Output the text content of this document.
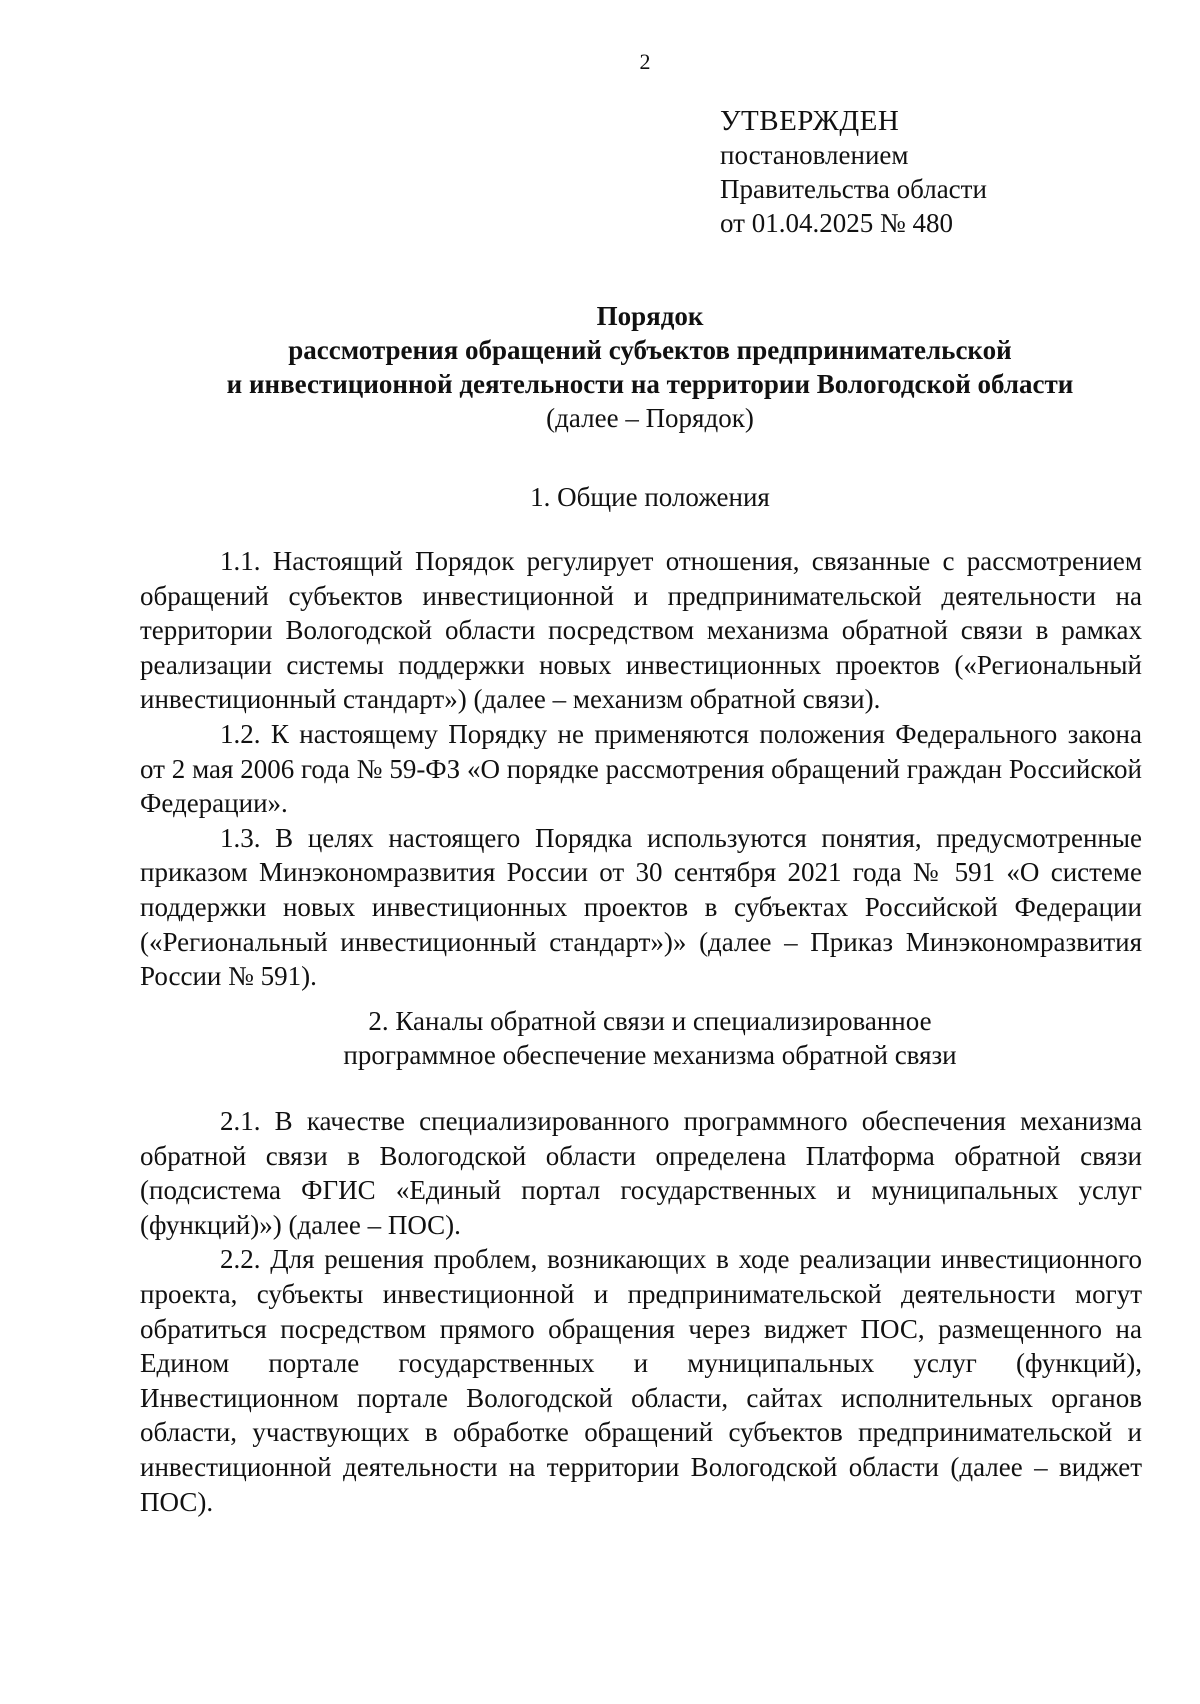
2
УТВЕРЖДЕН
постановлением
Правительства области
от 01.04.2025 № 480
Порядок
рассмотрения обращений субъектов предпринимательской
и инвестиционной деятельности на территории Вологодской области
(далее – Порядок)
1. Общие положения

1.1. Настоящий Порядок регулирует отношения, связанные с рассмотрением обращений субъектов инвестиционной и предпринимательской деятельности на территории Вологодской области посредством механизма обратной связи в рамках реализации системы поддержки новых инвестиционных проектов («Региональный инвестиционный стандарт») (далее – механизм обратной связи).

1.2. К настоящему Порядку не применяются положения Федерального закона от 2 мая 2006 года № 59-ФЗ «О порядке рассмотрения обращений граждан Российской Федерации».

1.3. В целях настоящего Порядка используются понятия, предусмотренные приказом Минэкономразвития России от 30 сентября 2021 года № 591 «О системе поддержки новых инвестиционных проектов в субъектах Российской Федерации («Региональный инвестиционный стандарт»)» (далее – Приказ Минэкономразвития России № 591).

2. Каналы обратной связи и специализированное
программное обеспечение механизма обратной связи

2.1. В качестве специализированного программного обеспечения механизма обратной связи в Вологодской области определена Платформа обратной связи (подсистема ФГИС «Единый портал государственных и муниципальных услуг (функций)») (далее – ПОС).

2.2. Для решения проблем, возникающих в ходе реализации инвестиционного проекта, субъекты инвестиционной и предпринимательской деятельности могут обратиться посредством прямого обращения через виджет ПОС, размещенного на Едином портале государственных и муниципальных услуг (функций), Инвестиционном портале Вологодской области, сайтах исполнительных органов области, участвующих в обработке обращений субъектов предпринимательской и инвестиционной деятельности на территории Вологодской области (далее – виджет ПОС).
